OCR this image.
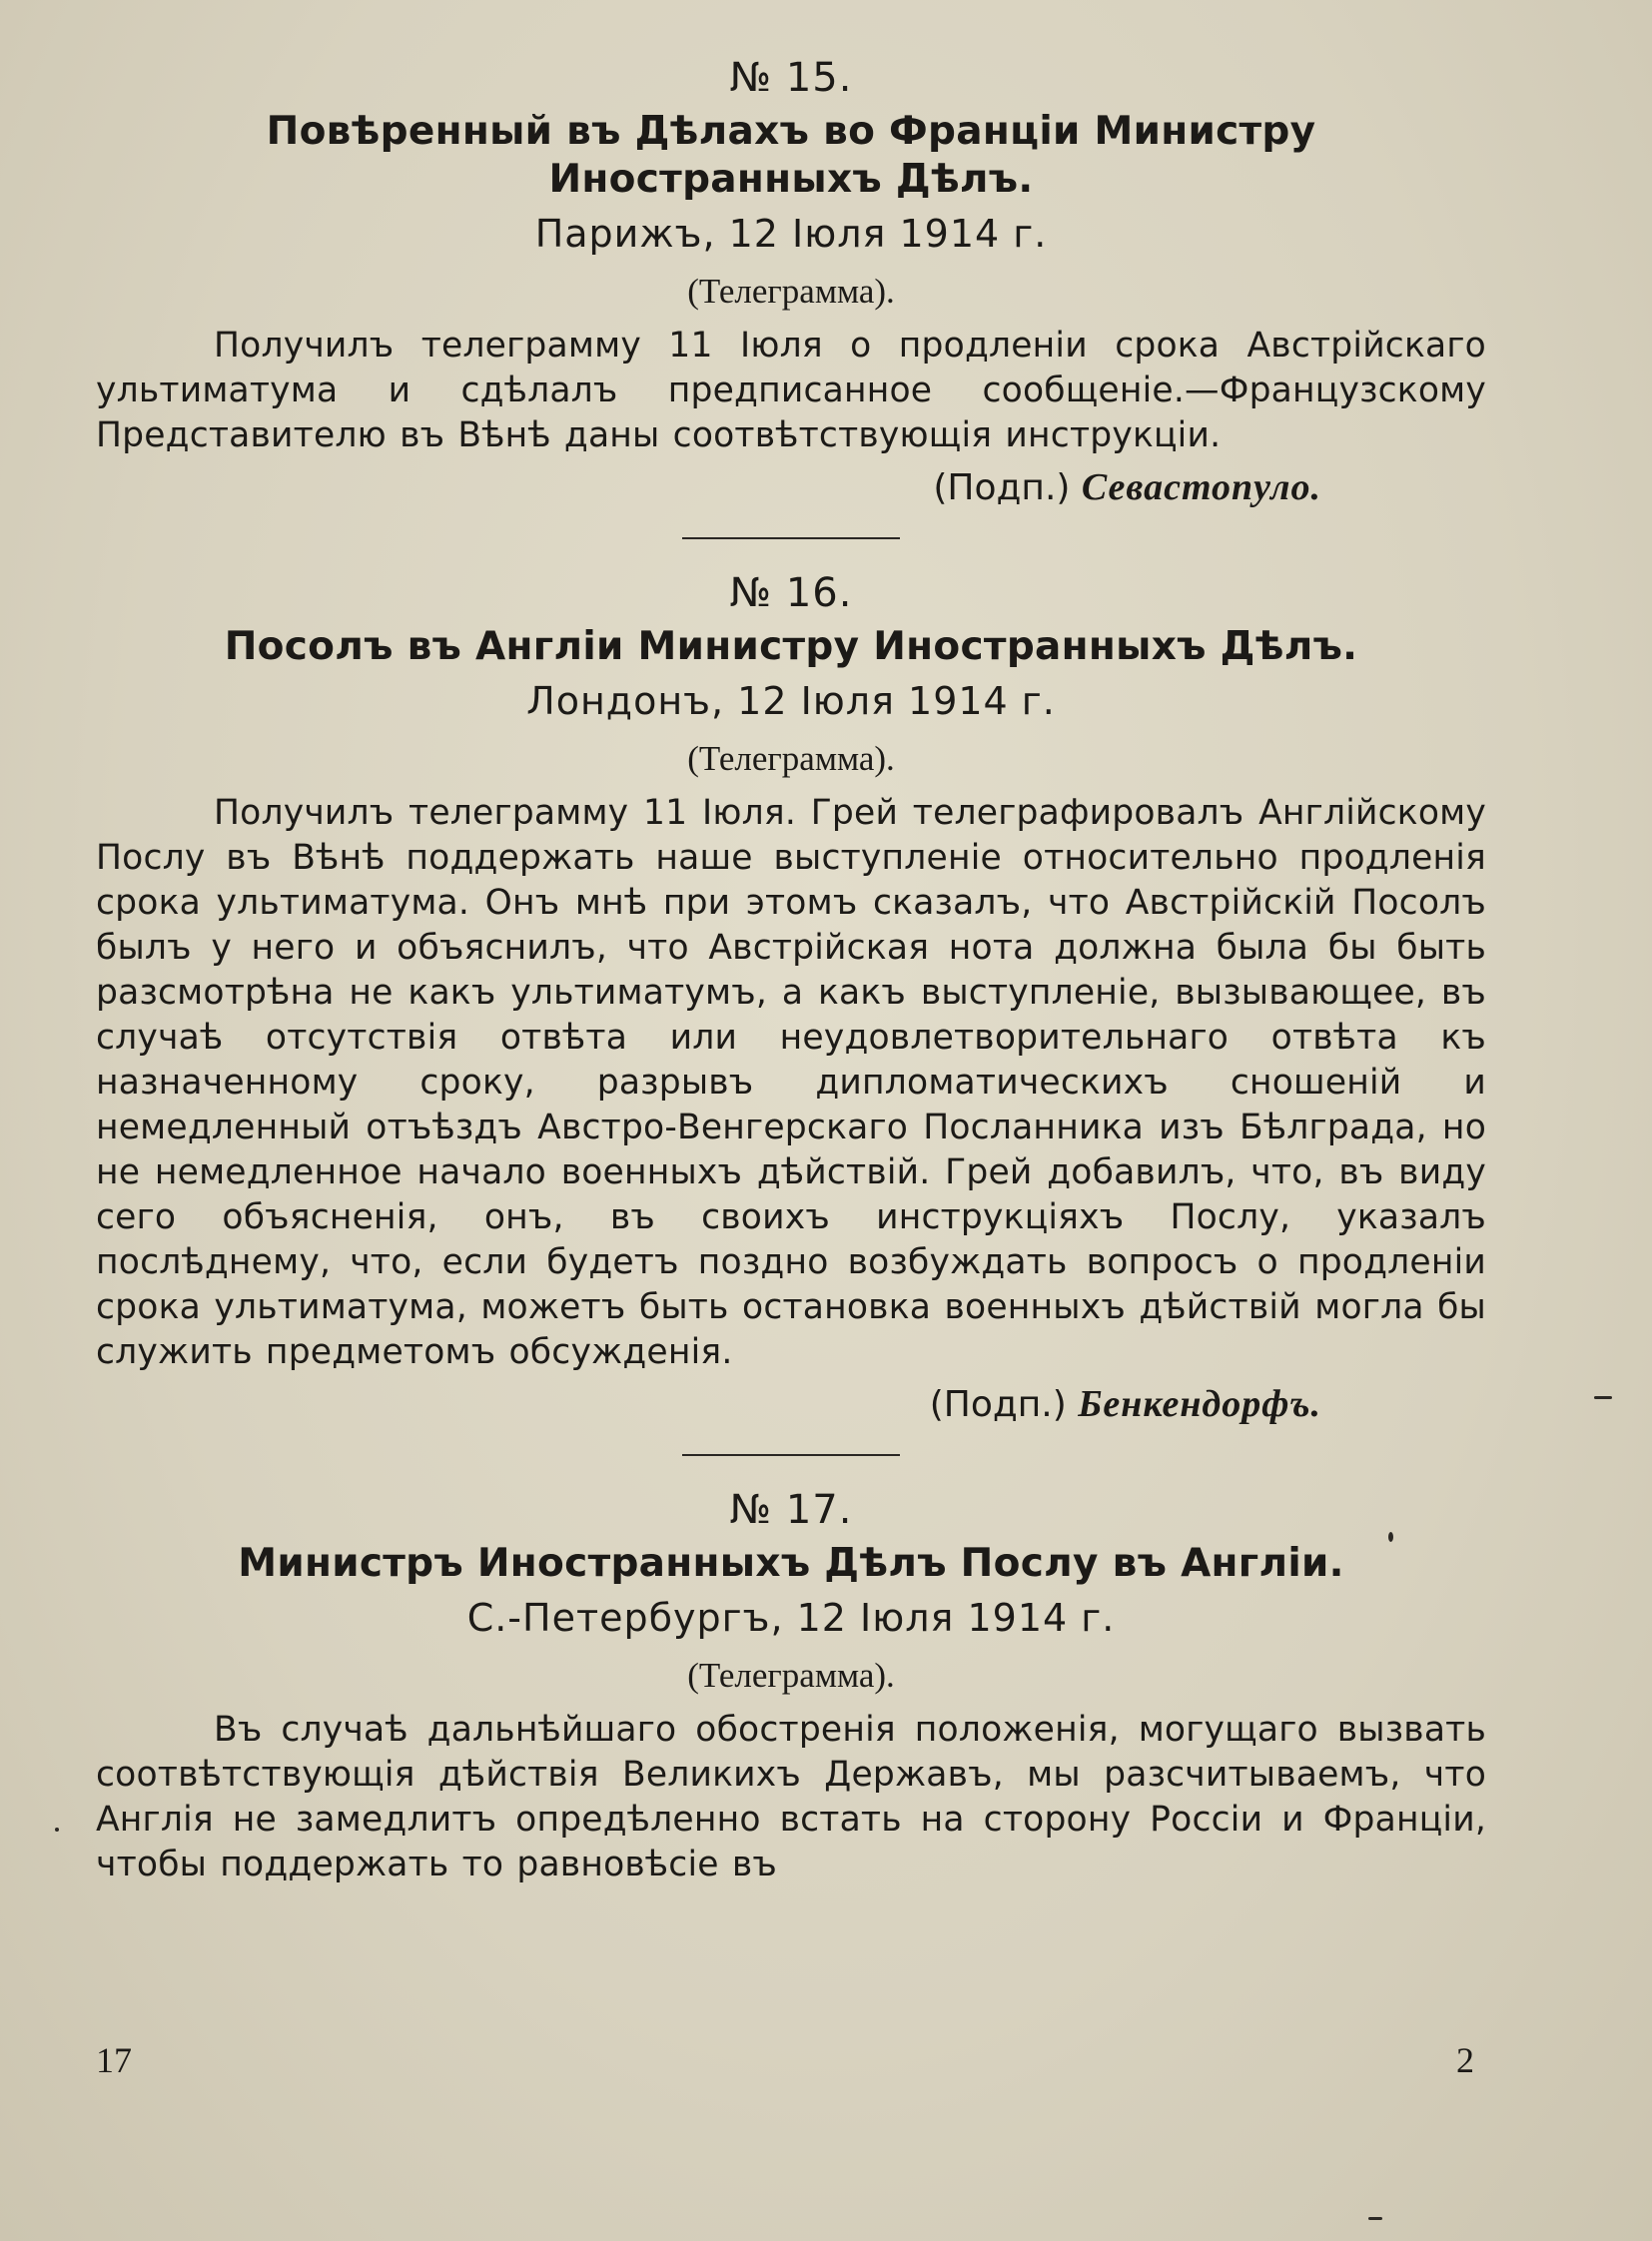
№ 15.

Повѣренный въ Дѣлахъ во Франціи Министру Иностранныхъ Дѣлъ.

Парижъ, 12 Іюля 1914 г.

(Телеграмма).

Получилъ телеграмму 11 Іюля о продленіи срока Австрійскаго ультиматума и сдѣлалъ предписанное сообщеніе.—Французскому Представителю въ Вѣнѣ даны соотвѣтствующія инструкціи.

(Подп.) Севастопуло.

№ 16.

Посолъ въ Англіи Министру Иностранныхъ Дѣлъ.

Лондонъ, 12 Іюля 1914 г.

(Телеграмма).

Получилъ телеграмму 11 Іюля. Грей телеграфировалъ Англійскому Послу въ Вѣнѣ поддержать наше выступленіе относительно продленія срока ультиматума. Онъ мнѣ при этомъ сказалъ, что Австрійскій Посолъ былъ у него и объяснилъ, что Австрійская нота должна была бы быть разсмотрѣна не какъ ультиматумъ, а какъ выступленіе, вызывающее, въ случаѣ отсутствія отвѣта или неудовлетворительнаго отвѣта къ назначенному сроку, разрывъ дипломатическихъ сношеній и немедленный отъѣздъ Австро-Венгерскаго Посланника изъ Бѣлграда, но не немедленное начало военныхъ дѣйствій. Грей добавилъ, что, въ виду сего объясненія, онъ, въ своихъ инструкціяхъ Послу, указалъ послѣднему, что, если будетъ поздно возбуждать вопросъ о продленіи срока ультиматума, можетъ быть остановка военныхъ дѣйствій могла бы служить предметомъ обсужденія.

(Подп.) Бенкендорфъ.

№ 17.

Министръ Иностранныхъ Дѣлъ Послу въ Англіи.

С.-Петербургъ, 12 Іюля 1914 г.

(Телеграмма).

Въ случаѣ дальнѣйшаго обостренія положенія, могущаго вызвать соотвѣтствующія дѣйствія Великихъ Державъ, мы разсчитываемъ, что Англія не замедлитъ опредѣленно встать на сторону Россіи и Франціи, чтобы поддержать то равновѣсіе въ

17	2
